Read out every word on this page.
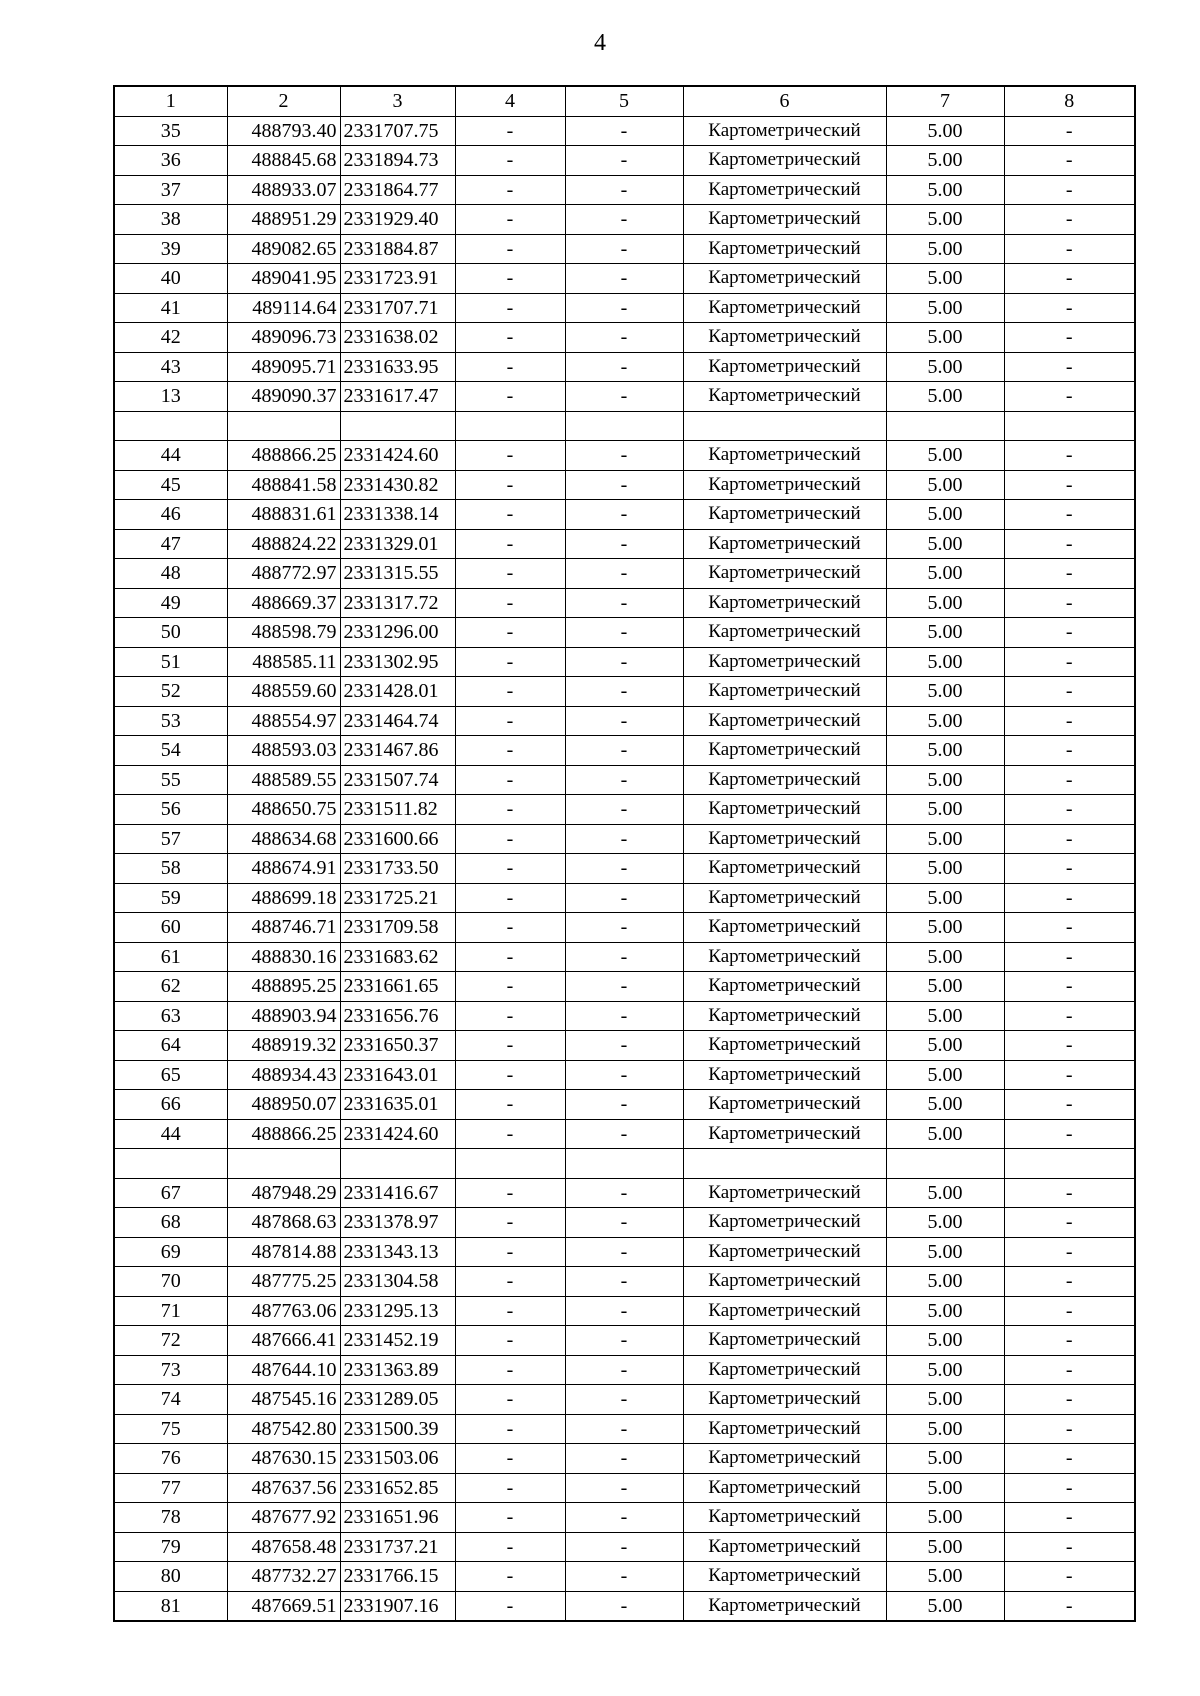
4
1	2	3	4	5	6	7	8
35	488793.40	2331707.75	-	-	Картометрический	5.00	-
36	488845.68	2331894.73	-	-	Картометрический	5.00	-
37	488933.07	2331864.77	-	-	Картометрический	5.00	-
38	488951.29	2331929.40	-	-	Картометрический	5.00	-
39	489082.65	2331884.87	-	-	Картометрический	5.00	-
40	489041.95	2331723.91	-	-	Картометрический	5.00	-
41	489114.64	2331707.71	-	-	Картометрический	5.00	-
42	489096.73	2331638.02	-	-	Картометрический	5.00	-
43	489095.71	2331633.95	-	-	Картометрический	5.00	-
13	489090.37	2331617.47	-	-	Картометрический	5.00	-

44	488866.25	2331424.60	-	-	Картометрический	5.00	-
45	488841.58	2331430.82	-	-	Картометрический	5.00	-
46	488831.61	2331338.14	-	-	Картометрический	5.00	-
47	488824.22	2331329.01	-	-	Картометрический	5.00	-
48	488772.97	2331315.55	-	-	Картометрический	5.00	-
49	488669.37	2331317.72	-	-	Картометрический	5.00	-
50	488598.79	2331296.00	-	-	Картометрический	5.00	-
51	488585.11	2331302.95	-	-	Картометрический	5.00	-
52	488559.60	2331428.01	-	-	Картометрический	5.00	-
53	488554.97	2331464.74	-	-	Картометрический	5.00	-
54	488593.03	2331467.86	-	-	Картометрический	5.00	-
55	488589.55	2331507.74	-	-	Картометрический	5.00	-
56	488650.75	2331511.82	-	-	Картометрический	5.00	-
57	488634.68	2331600.66	-	-	Картометрический	5.00	-
58	488674.91	2331733.50	-	-	Картометрический	5.00	-
59	488699.18	2331725.21	-	-	Картометрический	5.00	-
60	488746.71	2331709.58	-	-	Картометрический	5.00	-
61	488830.16	2331683.62	-	-	Картометрический	5.00	-
62	488895.25	2331661.65	-	-	Картометрический	5.00	-
63	488903.94	2331656.76	-	-	Картометрический	5.00	-
64	488919.32	2331650.37	-	-	Картометрический	5.00	-
65	488934.43	2331643.01	-	-	Картометрический	5.00	-
66	488950.07	2331635.01	-	-	Картометрический	5.00	-
44	488866.25	2331424.60	-	-	Картометрический	5.00	-

67	487948.29	2331416.67	-	-	Картометрический	5.00	-
68	487868.63	2331378.97	-	-	Картометрический	5.00	-
69	487814.88	2331343.13	-	-	Картометрический	5.00	-
70	487775.25	2331304.58	-	-	Картометрический	5.00	-
71	487763.06	2331295.13	-	-	Картометрический	5.00	-
72	487666.41	2331452.19	-	-	Картометрический	5.00	-
73	487644.10	2331363.89	-	-	Картометрический	5.00	-
74	487545.16	2331289.05	-	-	Картометрический	5.00	-
75	487542.80	2331500.39	-	-	Картометрический	5.00	-
76	487630.15	2331503.06	-	-	Картометрический	5.00	-
77	487637.56	2331652.85	-	-	Картометрический	5.00	-
78	487677.92	2331651.96	-	-	Картометрический	5.00	-
79	487658.48	2331737.21	-	-	Картометрический	5.00	-
80	487732.27	2331766.15	-	-	Картометрический	5.00	-
81	487669.51	2331907.16	-	-	Картометрический	5.00	-
